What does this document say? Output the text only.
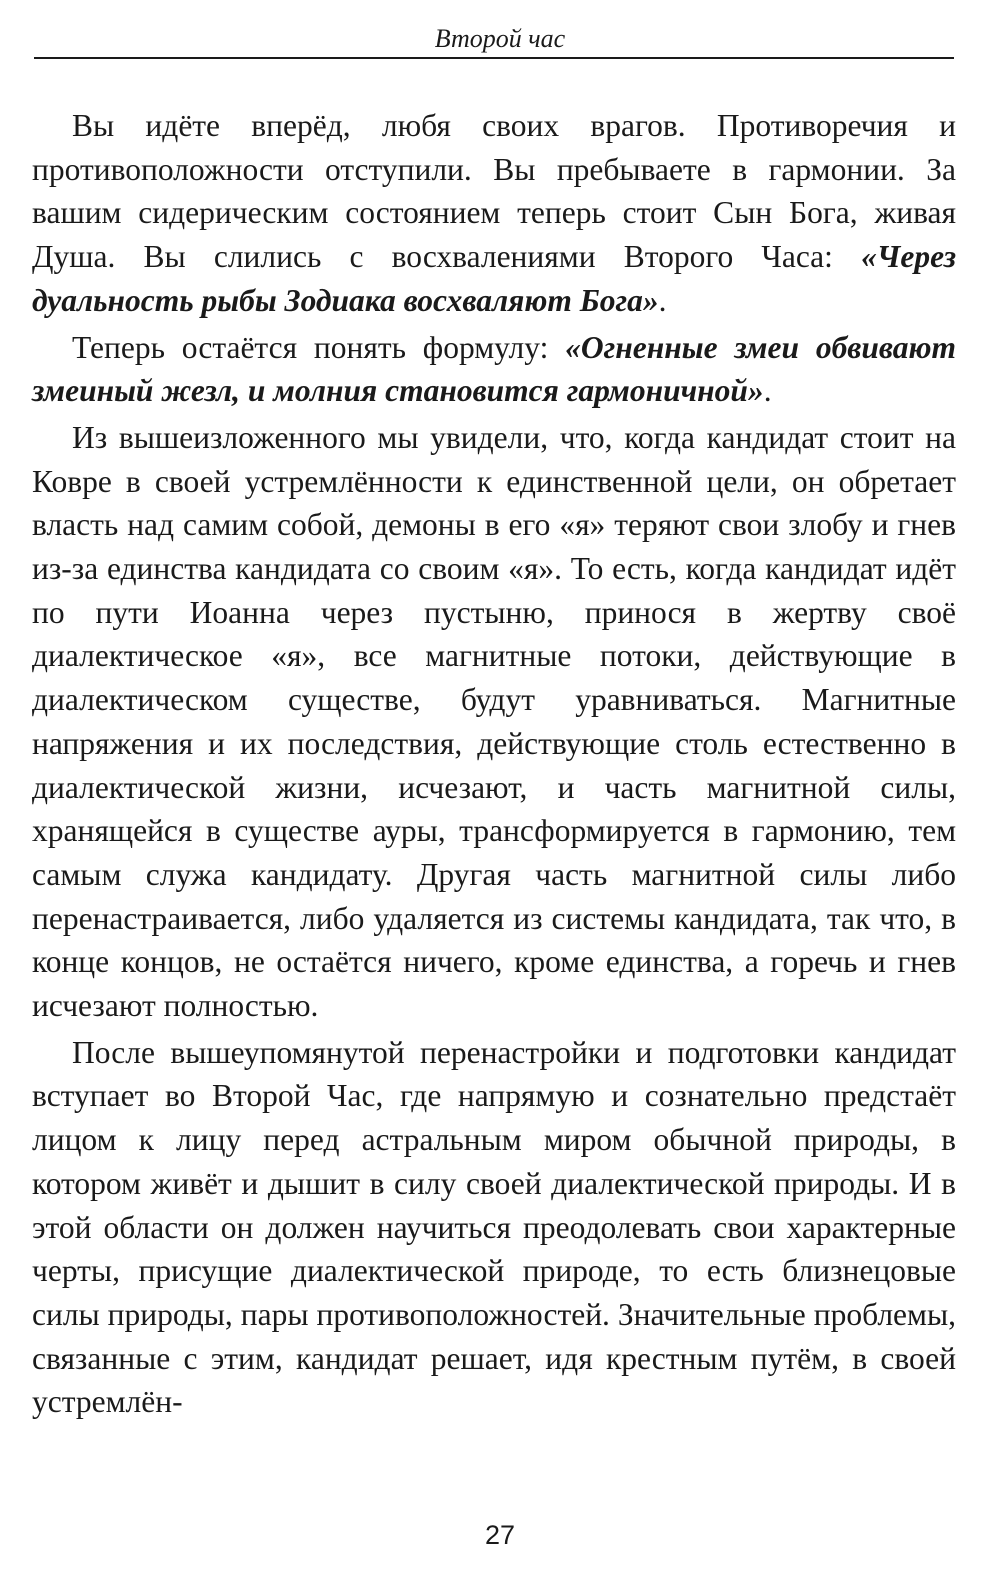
Второй час

Вы идёте вперёд, любя своих врагов. Противоречия и противоположности отступили. Вы пребываете в гармонии. За вашим сидерическим состоянием теперь стоит Сын Бога, живая Душа. Вы слились с восхвалениями Второго Часа: «Через дуальность рыбы Зодиака восхваляют Бога».

Теперь остаётся понять формулу: «Огненные змеи обвивают змеиный жезл, и молния становится гармоничной».

Из вышеизложенного мы увидели, что, когда кандидат стоит на Ковре в своей устремлённости к единственной цели, он обретает власть над самим собой, демоны в его «я» теряют свои злобу и гнев из-за единства кандидата со своим «я». То есть, когда кандидат идёт по пути Иоанна через пустыню, принося в жертву своё диалектическое «я», все магнитные потоки, действующие в диалектическом существе, будут уравниваться. Магнитные напряжения и их последствия, действующие столь естественно в диалектической жизни, исчезают, и часть магнитной силы, хранящейся в существе ауры, трансформируется в гармонию, тем самым служа кандидату. Другая часть магнитной силы либо перенастраивается, либо удаляется из системы кандидата, так что, в конце концов, не остаётся ничего, кроме единства, а горечь и гнев исчезают полностью.

После вышеупомянутой перенастройки и подготовки кандидат вступает во Второй Час, где напрямую и сознательно предстаёт лицом к лицу перед астральным миром обычной природы, в котором живёт и дышит в силу своей диалектической природы. И в этой области он должен научиться преодолевать свои характерные черты, присущие диалектической природе, то есть близнецовые силы природы, пары противоположностей. Значительные проблемы, связанные с этим, кандидат решает, идя крестным путём, в своей устремлён-

27
